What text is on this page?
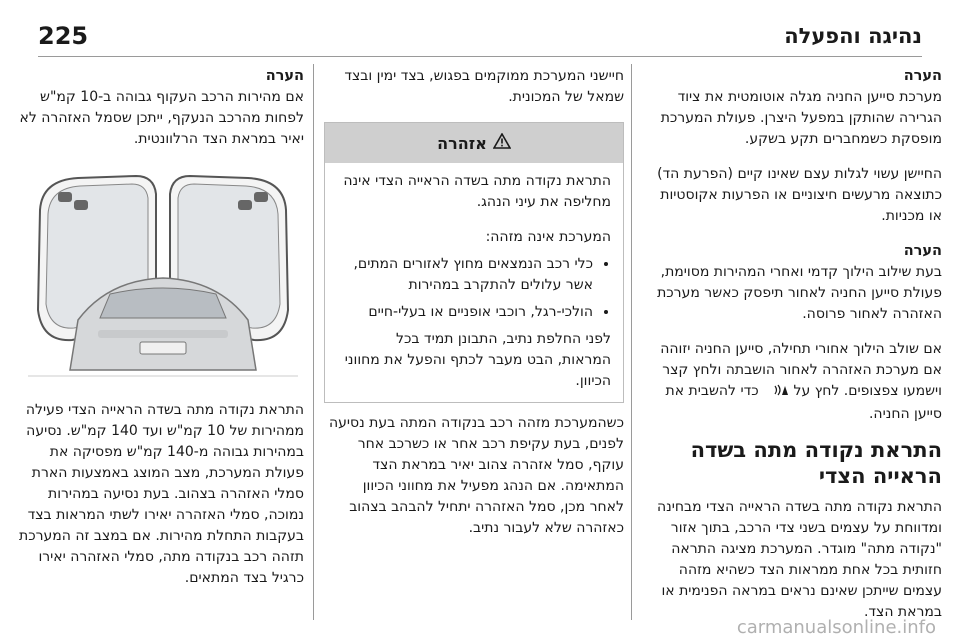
225	נהיגה והפעלה

הערה

מערכת סייען החניה מגלה אוטומטית את ציוד הגרירה שהותקן במפעל היצרן. פעולת המערכת מופסקת כשמחברים תקע בשקע.

החיישן עשוי לגלות עצם שאינו קיים (הפרעת הד) כתוצאה מרעשים חיצוניים או הפרעות אקוסטיות או מכניות.

הערה

בעת שילוב הילוך קדמי ואחרי המהירות מסוימת, פעולת סייען החניה לאחור תיפסק כאשר מערכת האזהרה לאחור פרוסה.

אם שולב הילוך אחורי תחילה, סייען החניה יזוהה אם מערכת האזהרה לאחור הושבתה ולחץ קצר וישמעו צפצופים. לחץ על
כדי להשבית את סייען החניה.

התראת נקודה מתה בשדה הראייה הצדי

התראת נקודה מתה בשדה הראייה הצדי מבחינה ומדווחת על עצמים בשני צדי הרכב, בתוך אזור "נקודה מתה" מוגדר. המערכת מציגה התראה חזותית בכל אחת ממראות הצד כשהיא מזהה עצמים שייתכן שאינם נראים במראה הפנימית או במראת הצד.

חיישני המערכת ממוקמים בפגוש, בצד ימין ובצד שמאל של המכונית.

אזהרה

התראת נקודה מתה בשדה הראייה הצדי אינה מחליפה את עיני הנהג.

המערכת אינה מזהה:

• כלי רכב הנמצאים מחוץ לאזורים המתים, אשר עלולים להתקרב במהירות
• הולכי-רגל, רוכבי אופניים או בעלי-חיים

לפני החלפת נתיב, התבונן תמיד בכל המראות, הבט מעבר לכתף והפעל את מחווני הכיוון.

כשהמערכת מזהה רכב בנקודה המתה בעת נסיעה לפנים, בעת עקיפת רכב אחר או כשרכב אחר עוקף, סמל אזהרה צהוב יאיר במראת הצד המתאימה. אם הנהג מפעיל את מחווני הכיוון לאחר מכן, סמל האזהרה יתחיל להבהב בצהוב כאזהרה שלא לעבור נתיב.

הערה

אם מהירות הרכב העקוף גבוהה ב-10 קמ"ש לפחות מהרכב הנעקף, ייתכן שסמל האזהרה לא יאיר במראת הצד הרלוונטית.

התראת נקודה מתה בשדה הראייה הצדי פעילה ממהירות של 10 קמ"ש ועד 140 קמ"ש. נסיעה במהירות גבוהה מ-140 קמ"ש מפסיקה את פעולת המערכת, מצב המוצג באמצעות הארת סמלי האזהרה בצהוב. בעת נסיעה במהירות נמוכה, סמלי האזהרה יאירו לשתי המראות בצד בעקבות התחלת מהירות. אם במצב זה המערכת תזהה רכב בנקודה מתה, סמלי האזהרה יאירו כרגיל בצד המתאים.

carmanualsonline.info
